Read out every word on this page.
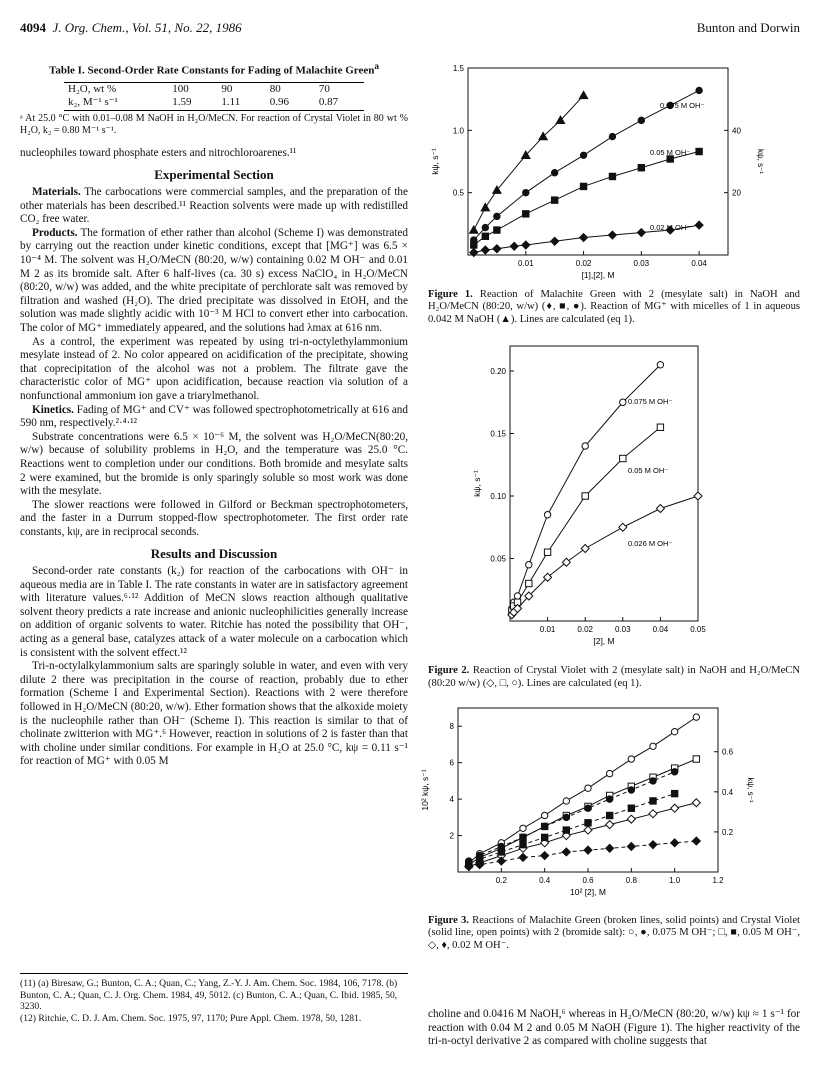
4094 J. Org. Chem., Vol. 51, No. 22, 1986	Bunton and Dorwin
Table I. Second-Order Rate Constants for Fading of Malachite Green$^a$
H₂O, wt %	100	90	80	70
k₂, M⁻¹ s⁻¹	1.59	1.11	0.96	0.87
ᵃ At 25.0 °C with 0.01–0.08 M NaOH in H₂O/MeCN. For reaction of Crystal Violet in 80 wt % H₂O, k₂ = 0.80 M⁻¹ s⁻¹.

nucleophiles toward phosphate esters and nitrochloroarenes.¹¹

Experimental Section

Materials. The carbocations were commercial samples, and the preparation of the other materials has been described.¹¹ Reaction solvents were made up with redistilled CO₂ free water.

Products. The formation of ether rather than alcohol (Scheme I) was demonstrated by carrying out the reaction under kinetic conditions, except that [MG⁺] was 6.5 × 10⁻⁴ M. The solvent was H₂O/MeCN (80:20, w/w) containing 0.02 M OH⁻ and 0.01 M 2 as its bromide salt. After 6 half-lives (ca. 30 s) excess NaClO₄ in H₂O/MeCN (80:20, w/w) was added, and the white precipitate of perchlorate salt was removed by filtration and washed (H₂O). The dried precipitate was dissolved in EtOH, and the solution was made slightly acidic with 10⁻³ M HCl to convert ether into carbocation. The color of MG⁺ immediately appeared, and the solutions had λmax at 616 nm.

As a control, the experiment was repeated by using tri-n-octylethylammonium mesylate instead of 2. No color appeared on acidification of the precipitate, showing that coprecipitation of the alcohol was not a problem. The filtrate gave the characteristic color of MG⁺ upon acidification, because reaction via solution of a nonfunctional ammonium ion gave a triarylmethanol.

Kinetics. Fading of MG⁺ and CV⁺ was followed spectrophotometrically at 616 and 590 nm, respectively.²·⁴·¹²

Substrate concentrations were 6.5 × 10⁻⁶ M, the solvent was H₂O/MeCN(80:20, w/w) because of solubility problems in H₂O, and the temperature was 25.0 °C. Reactions went to completion under our conditions. Both bromide and mesylate salts 2 were examined, but the bromide is only sparingly soluble so most work was done with the mesylate.

The slower reactions were followed in Gilford or Beckman spectrophotometers, and the faster in a Durrum stopped-flow spectrophotometer. The first order rate constants, kψ, are in reciprocal seconds.

Results and Discussion

Second-order rate constants (k₂) for reaction of the carbocations with OH⁻ in aqueous media are in Table I. The rate constants in water are in satisfactory agreement with literature values.⁶·¹² Addition of MeCN slows reaction although qualitative solvent theory predicts a rate increase and anionic nucleophilicities generally increase on addition of organic solvents to water. Ritchie has noted the possibility that OH⁻, acting as a general base, catalyzes attack of a water molecule on a carbocation which is consistent with the solvent effect.¹²

Tri-n-octylalkylammonium salts are sparingly soluble in water, and even with very dilute 2 there was precipitation in the course of reaction, probably due to ether formation (Scheme I and Experimental Section). Reactions with 2 were therefore followed in H₂O/MeCN (80:20, w/w). Ether formation shows that the alkoxide moiety is the nucleophile rather than OH⁻ (Scheme I). This reaction is similar to that of cholinate zwitterion with MG⁺.⁶ However, reaction in solutions of 2 is faster than that with choline under similar conditions. For example in H₂O at 25.0 °C, kψ = 0.11 s⁻¹ for reaction of MG⁺ with 0.05 M

(11) (a) Biresaw, G.; Bunton, C. A.; Quan, C.; Yang, Z.-Y. J. Am. Chem. Soc. 1984, 106, 7178. (b) Bunton, C. A.; Quan, C. J. Org. Chem. 1984, 49, 5012. (c) Bunton, C. A.; Quan, C. Ibid. 1985, 50, 3230.
(12) Ritchie, C. D. J. Am. Chem. Soc. 1975, 97, 1170; Pure Appl. Chem. 1978, 50, 1281.
0.01	0.02	0.03	0.04
0.5
1.0
1.5
20
40
kψ, s⁻¹
[1],[2], M
kψ, s⁻¹
0.075 M OH⁻
0.05 M OH⁻
0.02 M OH⁻
Figure 1. Reaction of Malachite Green with 2 (mesylate salt) in NaOH and H₂O/MeCN (80:20, w/w) (♦, ■, ●). Reaction of MG⁺ with micelles of 1 in aqueous 0.042 M NaOH (▲). Lines are calculated (eq 1).
0.01	0.02	0.03	0.04	0.05
0.05
0.10
0.15
0.20
[2], M
kψ, s⁻¹
0.075 M OH⁻
0.05 M OH⁻
0.026 M OH⁻
Figure 2. Reaction of Crystal Violet with 2 (mesylate salt) in NaOH and H₂O/MeCN (80:20 w/w) (◇, □, ○). Lines are calculated (eq 1).
0.2	0.4	0.6	0.8	1.0	1.2
2
4
6
8
0.2
0.4
0.6
kψ, s⁻¹
10² [2], M
10² kψ, s⁻¹
Figure 3. Reactions of Malachite Green (broken lines, solid points) and Crystal Violet (solid line, open points) with 2 (bromide salt): ○, ●, 0.075 M OH⁻; □, ■, 0.05 M OH⁻, ◇, ♦, 0.02 M OH⁻.
choline and 0.0416 M NaOH,⁶ whereas in H₂O/MeCN (80:20, w/w) kψ ≈ 1 s⁻¹ for reaction with 0.04 M 2 and 0.05 M NaOH (Figure 1). The higher reactivity of the tri-n-octyl derivative 2 as compared with choline suggests that
